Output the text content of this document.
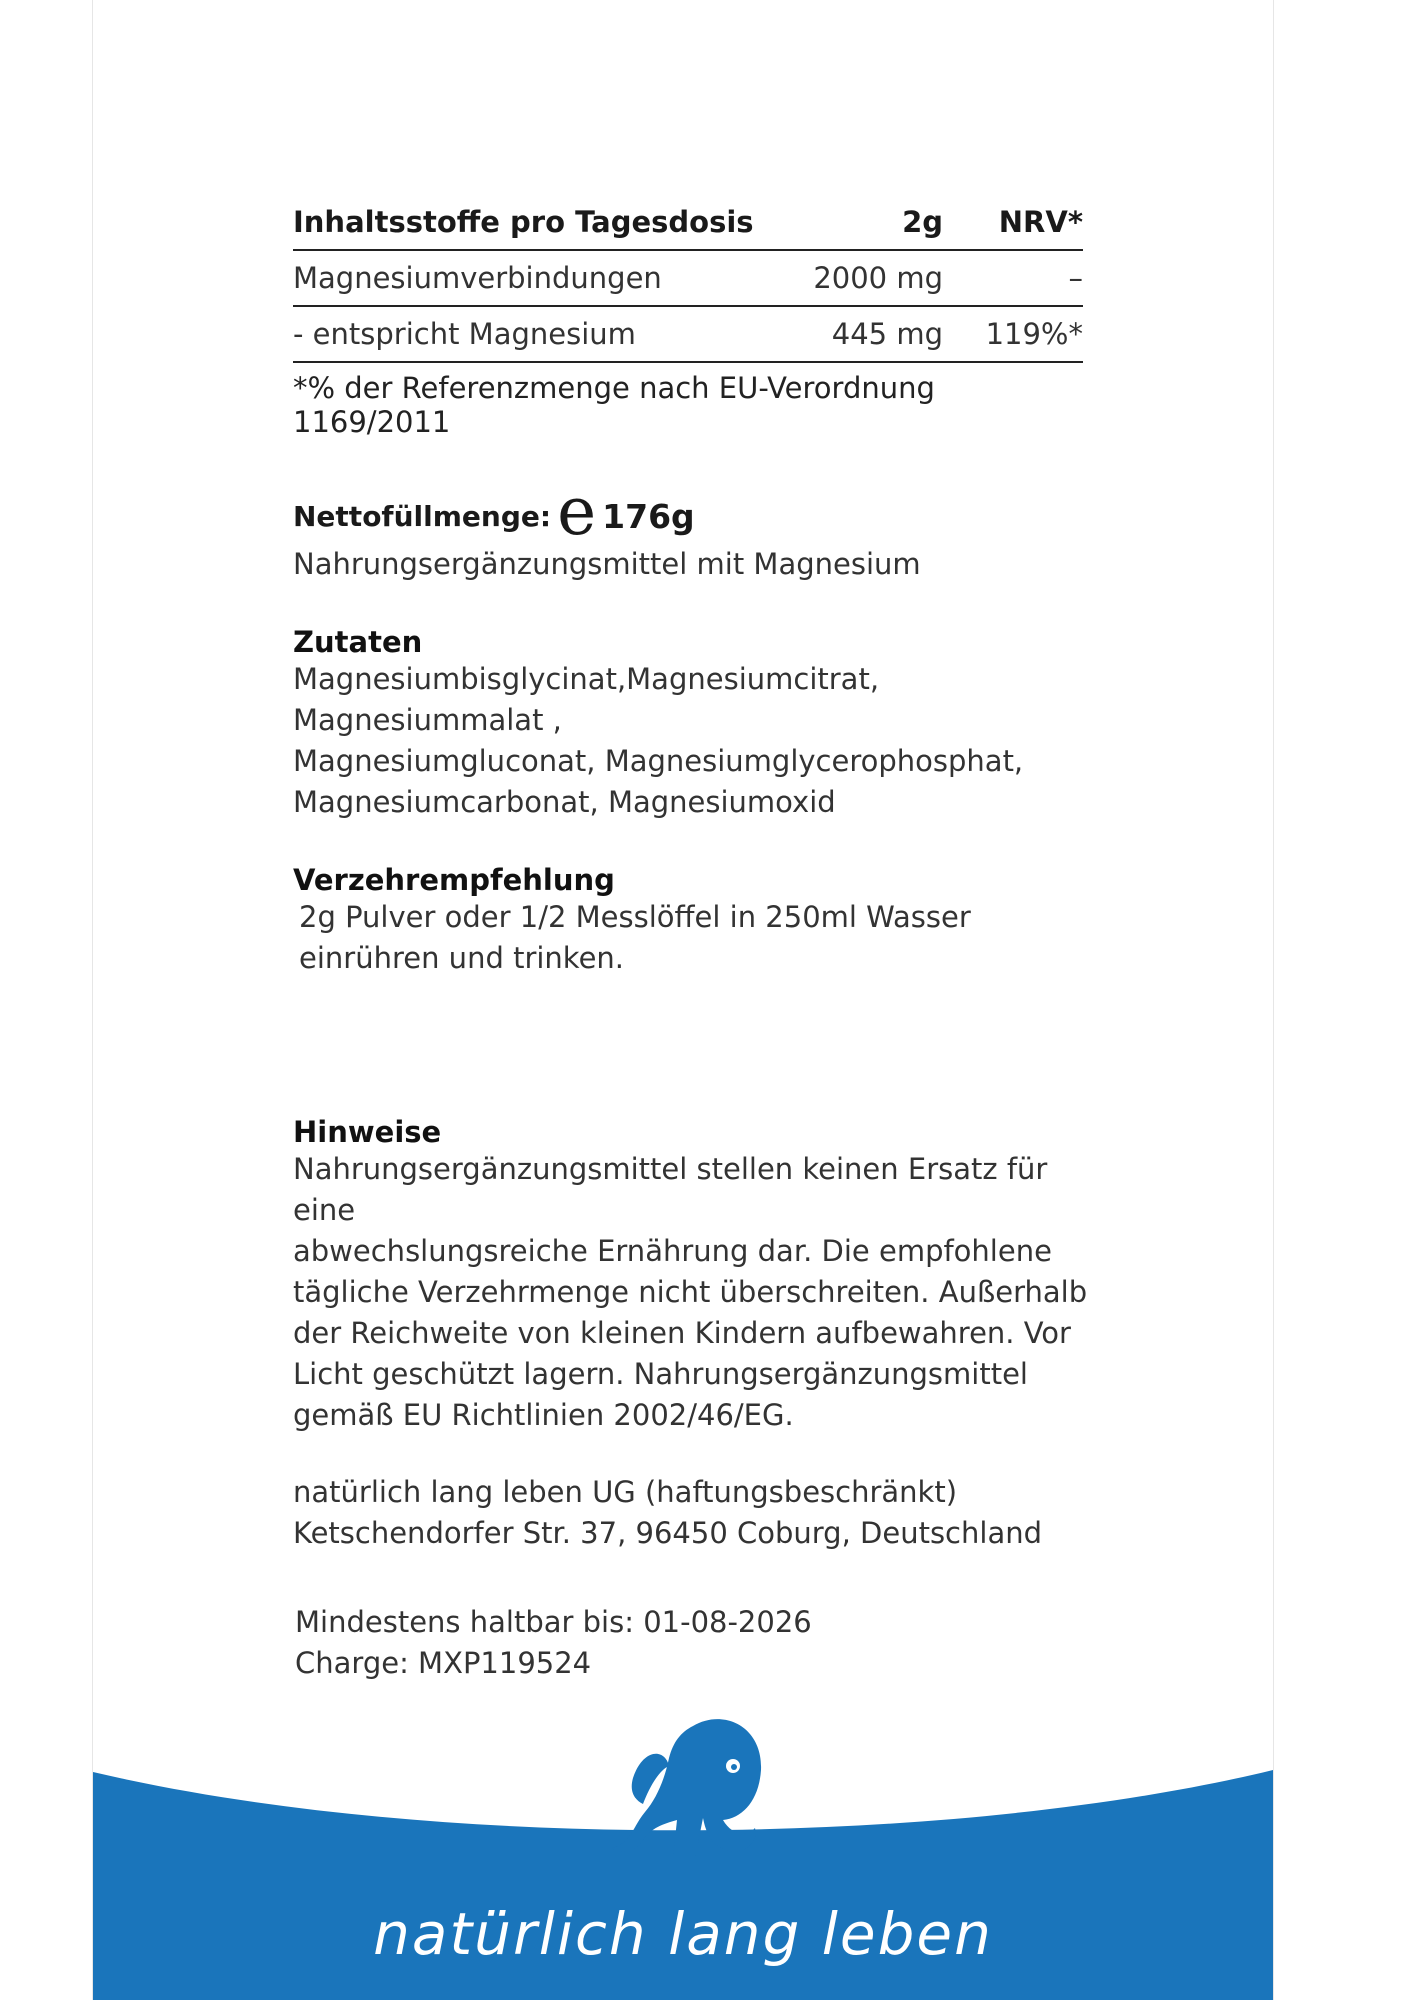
Inhaltsstoffe pro Tagesdosis	2g	NRV*
Magnesiumverbindungen	2000 mg	–
- entspricht Magnesium	445 mg	119%*
*% der Referenzmenge nach EU-Verordnung 1169/2011
Nettofüllmenge: e 176g
Nahrungsergänzungsmittel mit Magnesium
Zutaten
Magnesiumbisglycinat,Magnesiumcitrat, Magnesiummalat ,
Magnesiumgluconat, Magnesiumglycerophosphat,
Magnesiumcarbonat, Magnesiumoxid
Verzehrempfehlung
2g Pulver oder 1/2 Messlöffel in 250ml Wasser
einrühren und trinken.
Hinweise
Nahrungsergänzungsmittel stellen keinen Ersatz für eine
abwechslungsreiche Ernährung dar. Die empfohlene
tägliche Verzehrmenge nicht überschreiten. Außerhalb
der Reichweite von kleinen Kindern aufbewahren. Vor
Licht geschützt lagern. Nahrungsergänzungsmittel
gemäß EU Richtlinien 2002/46/EG.
natürlich lang leben UG (haftungsbeschränkt)
Ketschendorfer Str. 37, 96450 Coburg, Deutschland
Mindestens haltbar bis: 01-08-2026
Charge: MXP119524
natürlich lang leben
